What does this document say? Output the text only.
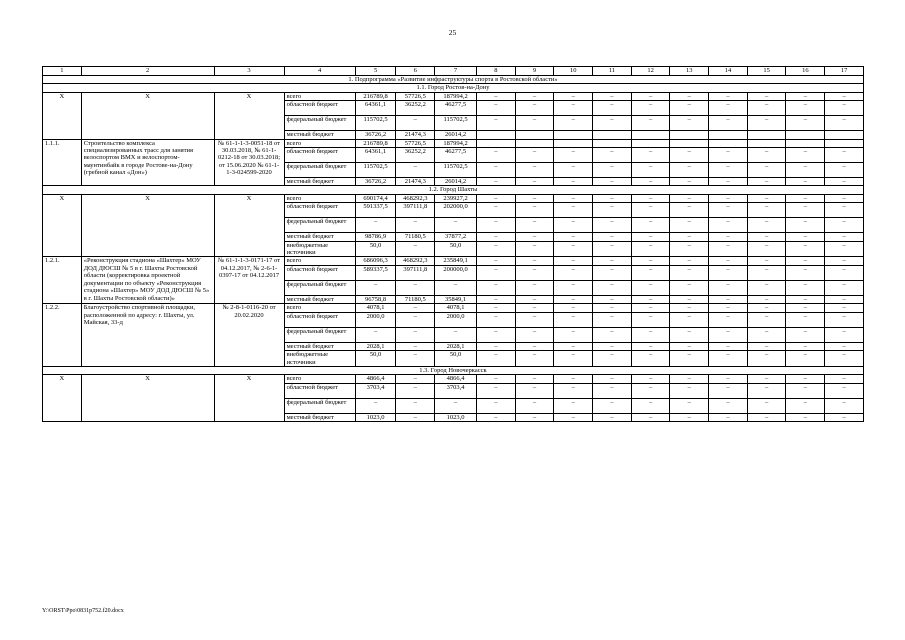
25
1	2	3	4	5	6	7	8	9	10	11	12	13	14	15	16	17
1. Подпрограмма «Развитие инфраструктуры спорта в Ростовской области»																
1.1. Город Ростов-на-Дону																
Х	Х	Х	всего	216789,8	57726,5	187994,2	–	–	–	–	–	–	–	–	–	–
			областной бюджет	64361,1	36252,2	46277,5	–	–	–	–	–	–	–	–	–	–
			федеральный бюджет	115702,5	–	115702,5	–	–	–	–	–	–	–	–	–	–
			местный бюджет	36726,2	21474,3	26014,2										
1.1.1.	Строительство комплекса специализированных трасс для занятия велоспортом ВМХ и велоспортом-маунтинбайк в городе Ростове-на-Дону (гребной канал «Дон»)	№ 61-1-1-3-0051-18 от 30.03.2018, № 61-1-0212-18 от 30.03.2018; от 15.06.2020 № 61-1-1-3-024599-2020	всего	216789,8	57726,5	187994,2										
			областной бюджет	64361,1	36252,2	46277,5	–	–	–	–	–	–	–	–	–	–
			федеральный бюджет	115702,5	–	115702,5	–	–	–	–	–	–	–	–	–	–
			местный бюджет	36726,2	21474,3	26014,2	–	–	–	–	–	–	–	–	–	–
1.2. Город Шахты																
Х	Х	Х	всего	690174,4	468292,3	239927,2	–	–	–	–	–	–	–	–	–	–
			областной бюджет	591337,5	397111,8	202000,0	–	–	–	–	–	–	–	–	–	–
			федеральный бюджет	–	–	–	–	–	–	–	–	–	–	–	–	–
			местный бюджет	98786,9	71180,5	37877,2	–	–	–	–	–	–	–	–	–	–
			внебюджетные источники	50,0	–	50,0	–	–	–	–	–	–	–	–	–	–
1.2.1.	«Реконструкция стадиона «Шахтер» МОУ ДОД ДЮСШ № 5 в г. Шахты Ростовской области (корректировка проектной документации по объекту «Реконструкция стадиона «Шахтер» МОУ ДОД ДЮСШ № 5» в г. Шахты Ростовской области)»	№ 61-1-1-3-0171-17 от 04.12.2017, № 2-6-1-0397-17 от 04.12.2017	всего	686096,3	468292,3	235849,1	–	–	–	–	–	–	–	–	–	–
			областной бюджет	589337,5	397111,8	200000,0	–	–	–	–	–	–	–	–	–	–
			федеральный бюджет	–	–	–	–	–	–	–	–	–	–	–	–	–
			местный бюджет	96758,8	71180,5	35849,1	–	–	–	–	–	–	–	–	–	–
1.2.2.	Благоустройство спортивной площадки, расположенной по адресу: г. Шахты, ул. Майская, 33-д	№ 2-8-1-0116-20 от 20.02.2020	всего	4078,1	–	4078,1	–	–	–	–	–	–	–	–	–	–
			областной бюджет	2000,0	–	2000,0	–	–	–	–	–	–	–	–	–	–
			федеральный бюджет	–	–	–	–	–	–	–	–	–	–	–	–	–
			местный бюджет	2028,1	–	2028,1	–	–	–	–	–	–	–	–	–	–
			внебюджетные источники	50,0	–	50,0	–	–	–	–	–	–	–	–	–	–
1.3. Город Новочеркасск																
Х	Х	Х	всего	4866,4	–	4866,4	–	–	–	–	–	–	–	–	–	–
			областной бюджет	3703,4	–	3703,4	–	–	–	–	–	–	–	–	–	–
			федеральный бюджет	–	–	–	–	–	–	–	–	–	–	–	–	–
			местный бюджет	1023,0	–	1023,0	–	–	–	–	–	–	–	–	–	–
Y:\ORST\Ppo\0831p752.f20.docx
